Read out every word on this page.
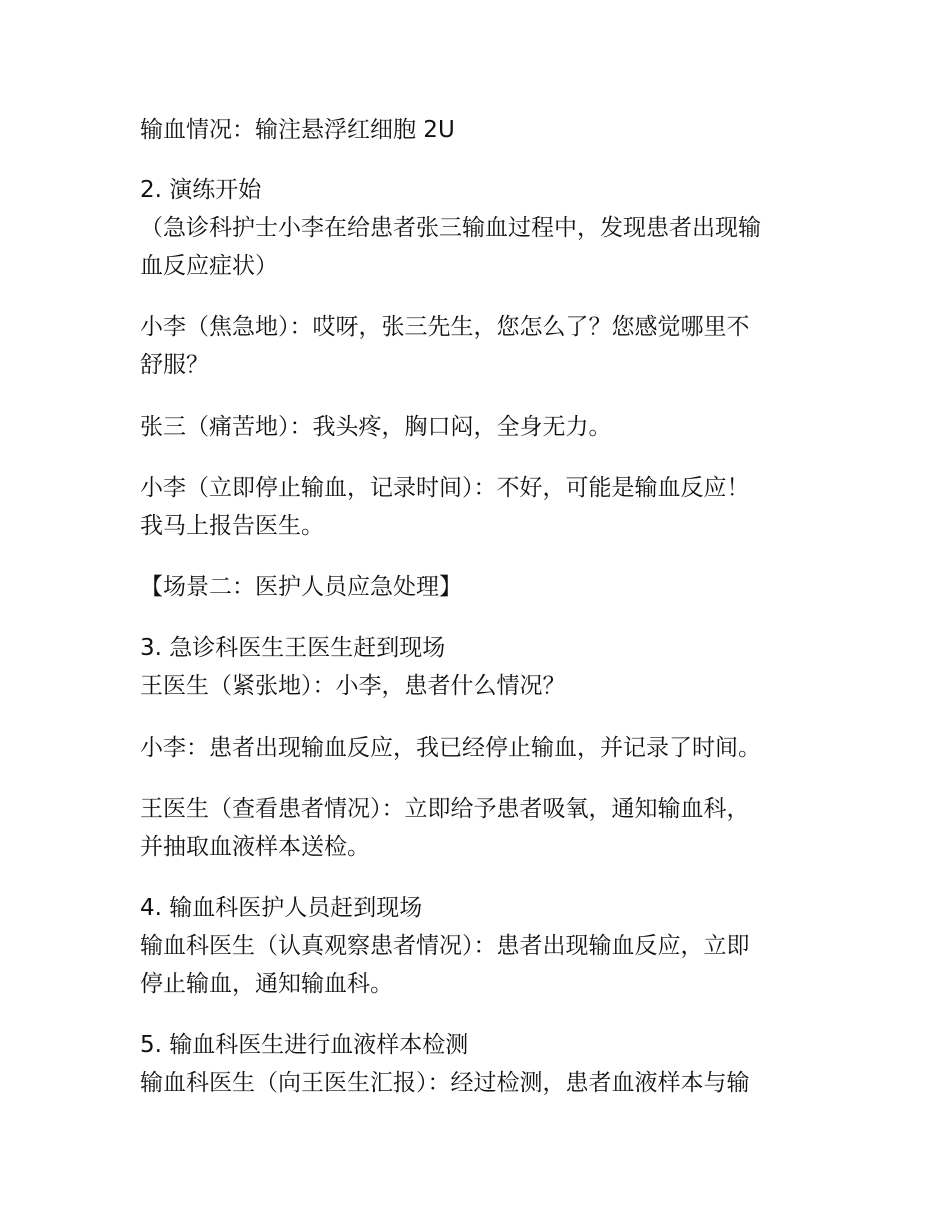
输血情况：输注悬浮红细胞 2U
2. 演练开始
（急诊科护士小李在给患者张三输血过程中，发现患者出现输
血反应症状）
小李（焦急地）：哎呀，张三先生，您怎么了？您感觉哪里不
舒服？
张三（痛苦地）：我头疼，胸口闷，全身无力。
小李（立即停止输血，记录时间）：不好，可能是输血反应！
我马上报告医生。
【场景二：医护人员应急处理】
3. 急诊科医生王医生赶到现场
王医生（紧张地）：小李，患者什么情况？
小李：患者出现输血反应，我已经停止输血，并记录了时间。
王医生（查看患者情况）：立即给予患者吸氧，通知输血科，
并抽取血液样本送检。
4. 输血科医护人员赶到现场
输血科医生（认真观察患者情况）：患者出现输血反应，立即
停止输血，通知输血科。
5. 输血科医生进行血液样本检测
输血科医生（向王医生汇报）：经过检测，患者血液样本与输
